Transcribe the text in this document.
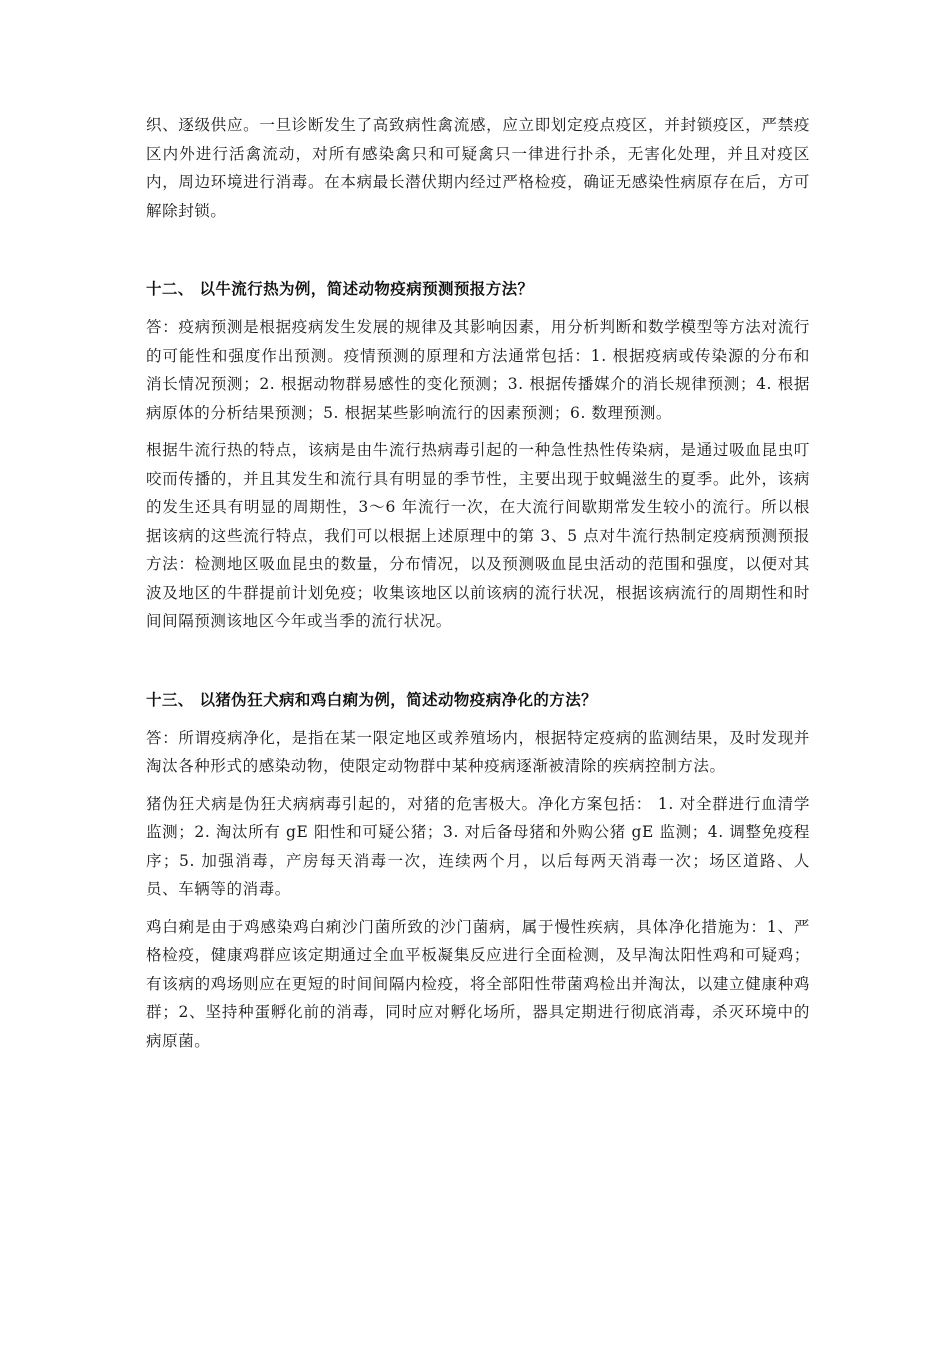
织、逐级供应。一旦诊断发生了高致病性禽流感，应立即划定疫点疫区，并封锁疫区，严禁疫区内外进行活禽流动，对所有感染禽只和可疑禽只一律进行扑杀，无害化处理，并且对疫区内，周边环境进行消毒。在本病最长潜伏期内经过严格检疫，确证无感染性病原存在后，方可解除封锁。

十二、 以牛流行热为例，简述动物疫病预测预报方法？

答：疫病预测是根据疫病发生发展的规律及其影响因素，用分析判断和数学模型等方法对流行的可能性和强度作出预测。疫情预测的原理和方法通常包括：1. 根据疫病或传染源的分布和消长情况预测；2. 根据动物群易感性的变化预测；3. 根据传播媒介的消长规律预测；4. 根据病原体的分析结果预测；5. 根据某些影响流行的因素预测；6. 数理预测。

根据牛流行热的特点，该病是由牛流行热病毒引起的一种急性热性传染病，是通过吸血昆虫叮咬而传播的，并且其发生和流行具有明显的季节性，主要出现于蚊蝇滋生的夏季。此外，该病的发生还具有明显的周期性，3～6 年流行一次，在大流行间歇期常发生较小的流行。所以根据该病的这些流行特点，我们可以根据上述原理中的第 3、5 点对牛流行热制定疫病预测预报方法：检测地区吸血昆虫的数量，分布情况，以及预测吸血昆虫活动的范围和强度，以便对其波及地区的牛群提前计划免疫；收集该地区以前该病的流行状况，根据该病流行的周期性和时间间隔预测该地区今年或当季的流行状况。

十三、 以猪伪狂犬病和鸡白痢为例，简述动物疫病净化的方法？

答：所谓疫病净化，是指在某一限定地区或养殖场内，根据特定疫病的监测结果，及时发现并淘汰各种形式的感染动物，使限定动物群中某种疫病逐渐被清除的疾病控制方法。

猪伪狂犬病是伪狂犬病病毒引起的，对猪的危害极大。净化方案包括： 1. 对全群进行血清学监测；2. 淘汰所有 gE 阳性和可疑公猪；3. 对后备母猪和外购公猪 gE 监测；4. 调整免疫程序；5. 加强消毒，产房每天消毒一次，连续两个月，以后每两天消毒一次；场区道路、人员、车辆等的消毒。

鸡白痢是由于鸡感染鸡白痢沙门菌所致的沙门菌病，属于慢性疾病，具体净化措施为：1、严格检疫，健康鸡群应该定期通过全血平板凝集反应进行全面检测，及早淘汰阳性鸡和可疑鸡；有该病的鸡场则应在更短的时间间隔内检疫，将全部阳性带菌鸡检出并淘汰，以建立健康种鸡群；2、坚持种蛋孵化前的消毒，同时应对孵化场所，器具定期进行彻底消毒，杀灭环境中的病原菌。
